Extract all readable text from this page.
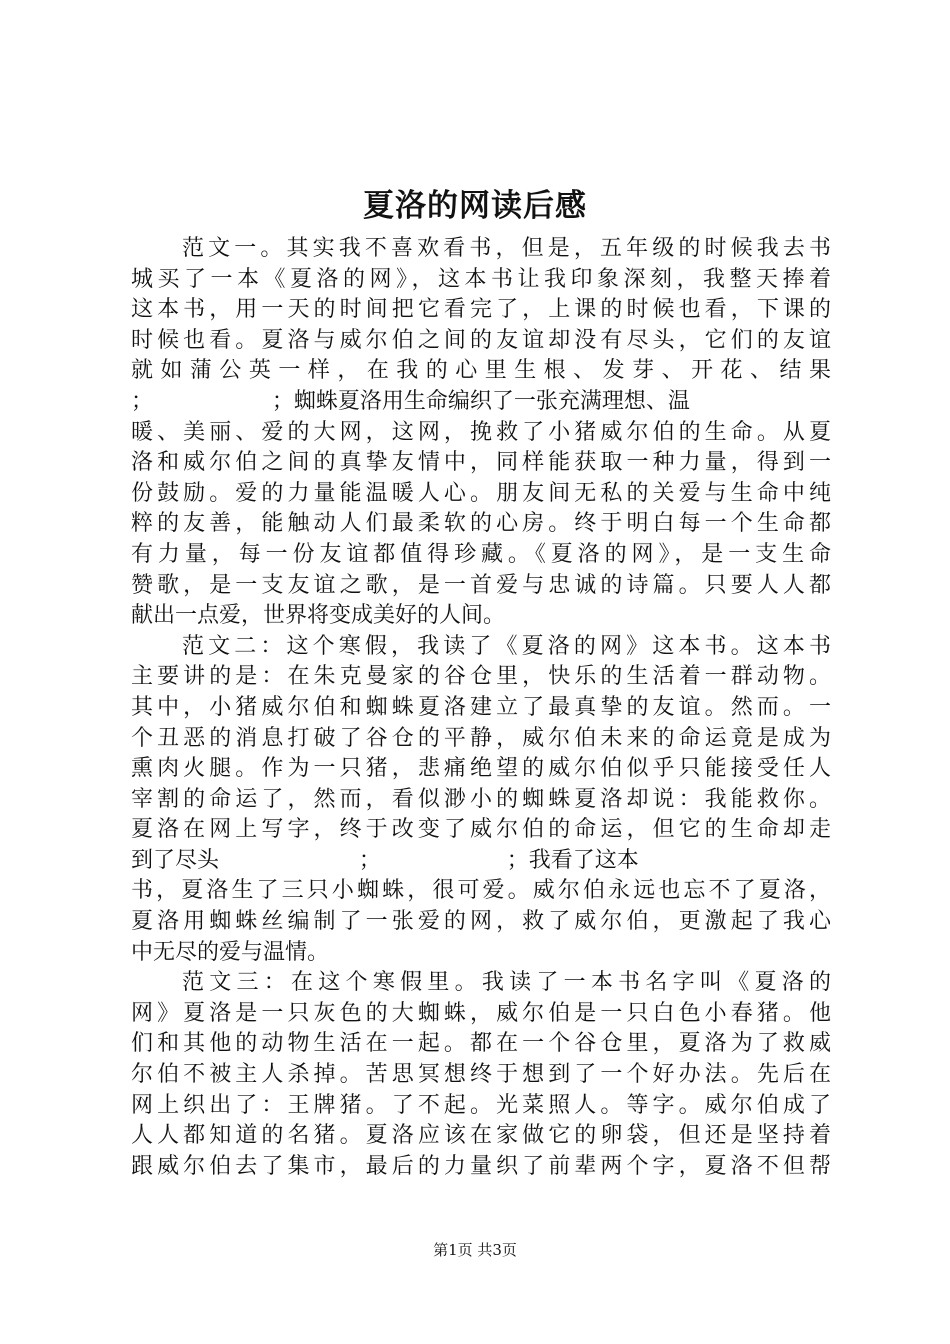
夏洛的网读后感
范文一。其实我不喜欢看书，但是，五年级的时候我去书
城买了一本《夏洛的网》，这本书让我印象深刻，我整天捧着
这本书，用一天的时间把它看完了，上课的时候也看，下课的
时候也看。夏洛与威尔伯之间的友谊却没有尽头，它们的友谊
就如蒲公英一样，在我的心里生根、发芽、开花、结果
；                 ；蜘蛛夏洛用生命编织了一张充满理想、温
暖、美丽、爱的大网，这网，挽救了小猪威尔伯的生命。从夏
洛和威尔伯之间的真挚友情中，同样能获取一种力量，得到一
份鼓励。爱的力量能温暖人心。朋友间无私的关爱与生命中纯
粹的友善，能触动人们最柔软的心房。终于明白每一个生命都
有力量，每一份友谊都值得珍藏。《夏洛的网》，是一支生命
赞歌，是一支友谊之歌，是一首爱与忠诚的诗篇。只要人人都
献出一点爱，世界将变成美好的人间。
范文二：这个寒假，我读了《夏洛的网》这本书。这本书
主要讲的是：在朱克曼家的谷仓里，快乐的生活着一群动物。
其中，小猪威尔伯和蜘蛛夏洛建立了最真挚的友谊。然而。一
个丑恶的消息打破了谷仓的平静，威尔伯未来的命运竟是成为
熏肉火腿。作为一只猪，悲痛绝望的威尔伯似乎只能接受任人
宰割的命运了，然而，看似渺小的蜘蛛夏洛却说：我能救你。
夏洛在网上写字，终于改变了威尔伯的命运，但它的生命却走
到了尽头                    ；                  ；我看了这本
书，夏洛生了三只小蜘蛛，很可爱。威尔伯永远也忘不了夏洛，
夏洛用蜘蛛丝编制了一张爱的网，救了威尔伯，更激起了我心
中无尽的爱与温情。
范文三：在这个寒假里。我读了一本书名字叫《夏洛的
网》夏洛是一只灰色的大蜘蛛，威尔伯是一只白色小春猪。他
们和其他的动物生活在一起。都在一个谷仓里，夏洛为了救威
尔伯不被主人杀掉。苦思冥想终于想到了一个好办法。先后在
网上织出了：王牌猪。了不起。光菜照人。等字。威尔伯成了
人人都知道的名猪。夏洛应该在家做它的卵袋，但还是坚持着
跟威尔伯去了集市，最后的力量织了前辈两个字，夏洛不但帮
第1页 共3页
